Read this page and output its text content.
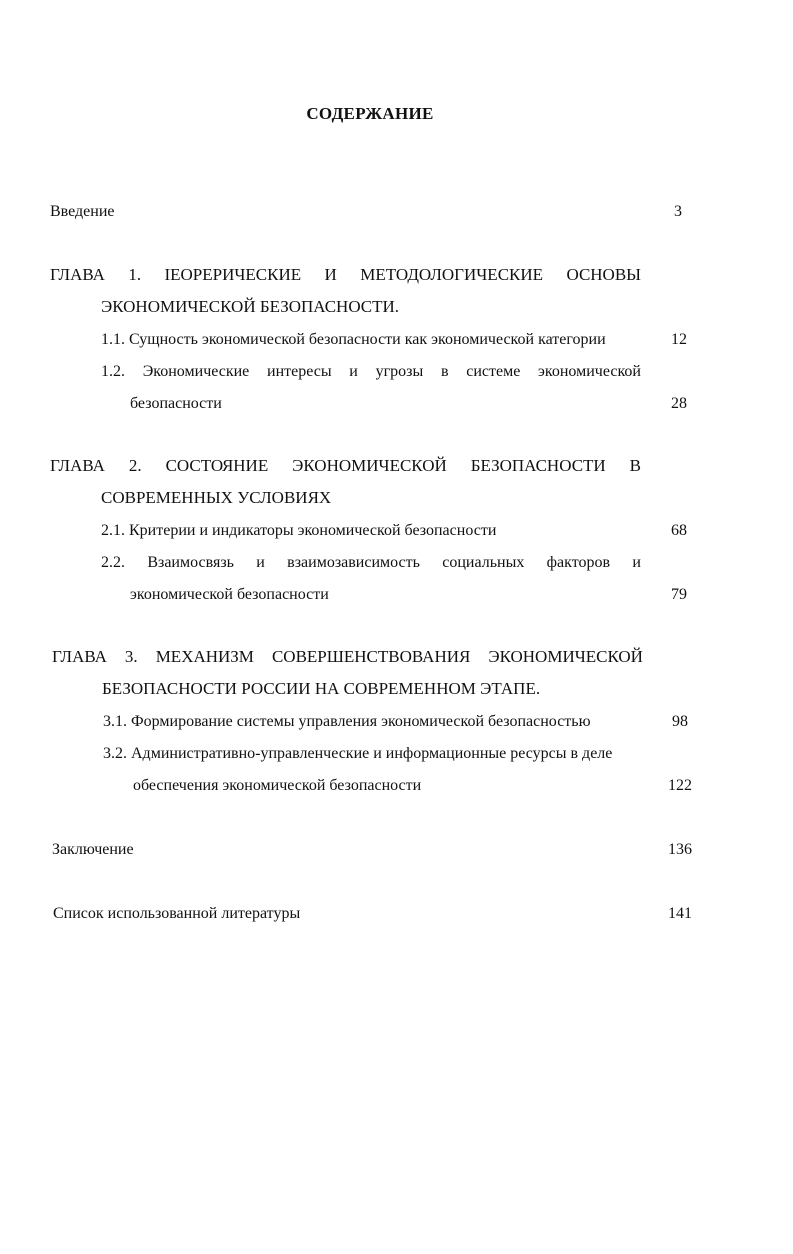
СОДЕРЖАНИЕ
Введение	3
ГЛАВА 1. ІЕОРЕРИЧЕСКИЕ И МЕТОДОЛОГИЧЕСКИЕ ОСНОВЫ
ЭКОНОМИЧЕСКОЙ БЕЗОПАСНОСТИ.
1.1. Сущность экономической безопасности как экономической категории	12
1.2. Экономические интересы и угрозы в системе экономической
безопасности	28
ГЛАВА 2. СОСТОЯНИЕ ЭКОНОМИЧЕСКОЙ БЕЗОПАСНОСТИ В
СОВРЕМЕННЫХ УСЛОВИЯХ
2.1. Критерии и индикаторы экономической безопасности	68
2.2. Взаимосвязь и взаимозависимость социальных факторов и
экономической безопасности	79
ГЛАВА 3. МЕХАНИЗМ СОВЕРШЕНСТВОВАНИЯ ЭКОНОМИЧЕСКОЙ
БЕЗОПАСНОСТИ РОССИИ НА СОВРЕМЕННОМ ЭТАПЕ.
3.1. Формирование системы управления экономической безопасностью	98
3.2. Административно-управленческие и информационные ресурсы в деле
обеспечения экономической безопасности	122
Заключение	136
Список использованной литературы	141
